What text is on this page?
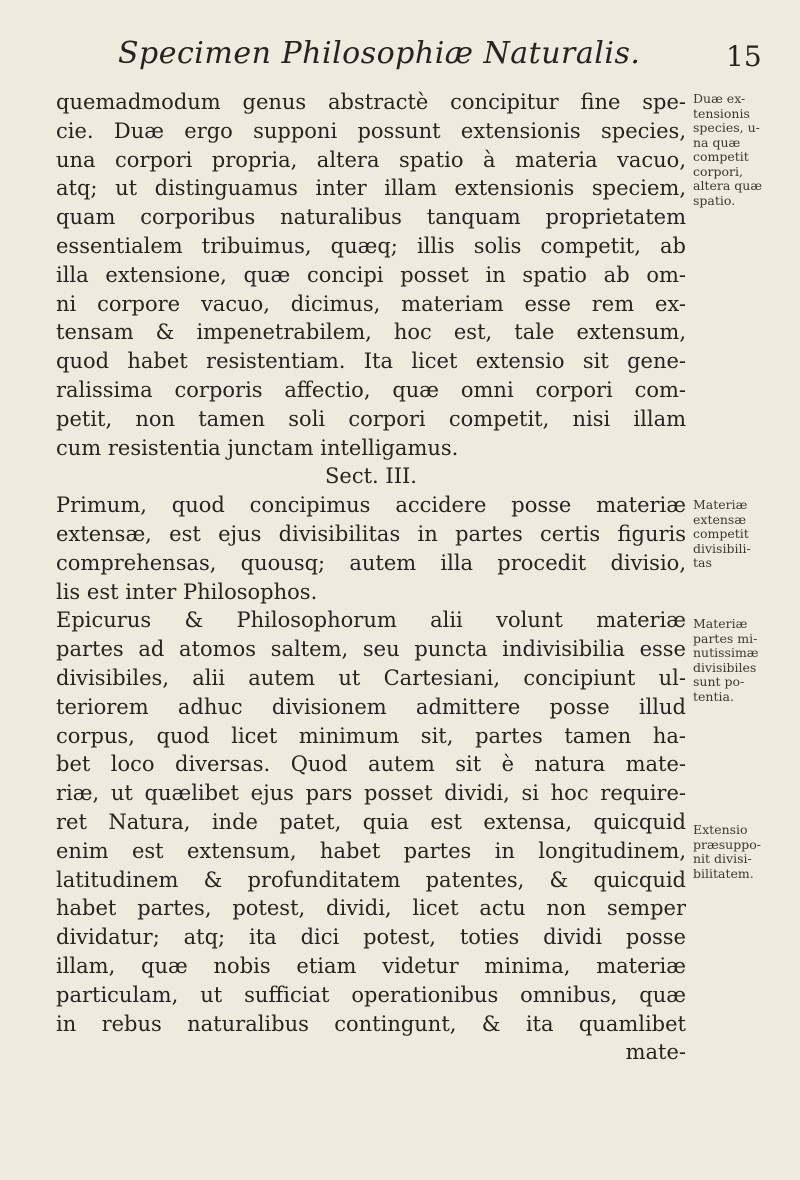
Specimen Philosophiæ Naturalis.	15
quemadmodum genus abstractè concipitur fine spe-
cie. Duæ ergo supponi possunt extensionis species,
una corpori propria, altera spatio à materia vacuo,
atq; ut distinguamus inter illam extensionis speciem,
quam corporibus naturalibus tanquam proprietatem
essentialem tribuimus, quæq; illis solis competit, ab
illa extensione, quæ concipi posset in spatio ab om-
ni corpore vacuo, dicimus, materiam esse rem ex-
tensam & impenetrabilem, hoc est, tale extensum,
quod habet resistentiam. Ita licet extensio sit gene-
ralissima corporis affectio, quæ omni corpori com-
petit, non tamen soli corpori competit, nisi illam
cum resistentia junctam intelligamus.
Sect. III.
Primum, quod concipimus accidere posse materiæ
extensæ, est ejus divisibilitas in partes certis figuris
comprehensas, quousq; autem illa procedit divisio,
lis est inter Philosophos.
Epicurus & Philosophorum alii volunt materiæ
partes ad atomos saltem, seu puncta indivisibilia esse
divisibiles, alii autem ut Cartesiani, concipiunt ul-
teriorem adhuc divisionem admittere posse illud
corpus, quod licet minimum sit, partes tamen ha-
bet loco diversas. Quod autem sit è natura mate-
riæ, ut quælibet ejus pars posset dividi, si hoc require-
ret Natura, inde patet, quia est extensa, quicquid
enim est extensum, habet partes in longitudinem,
latitudinem & profunditatem patentes, & quicquid
habet partes, potest, dividi, licet actu non semper
dividatur; atq; ita dici potest, toties dividi posse
illam, quæ nobis etiam videtur minima, materiæ
particulam, ut sufficiat operationibus omnibus, quæ
in rebus naturalibus contingunt, & ita quamlibet
mate-
Duæ ex-
tensionis
species, u-
na quæ
competit
corpori,
altera quæ
spatio.
Materiæ
extensæ
competit
divisibili-
tas
Materiæ
partes mi-
nutissimæ
divisibiles
sunt po-
tentia.
Extensio
præsuppo-
nit divisi-
bilitatem.
